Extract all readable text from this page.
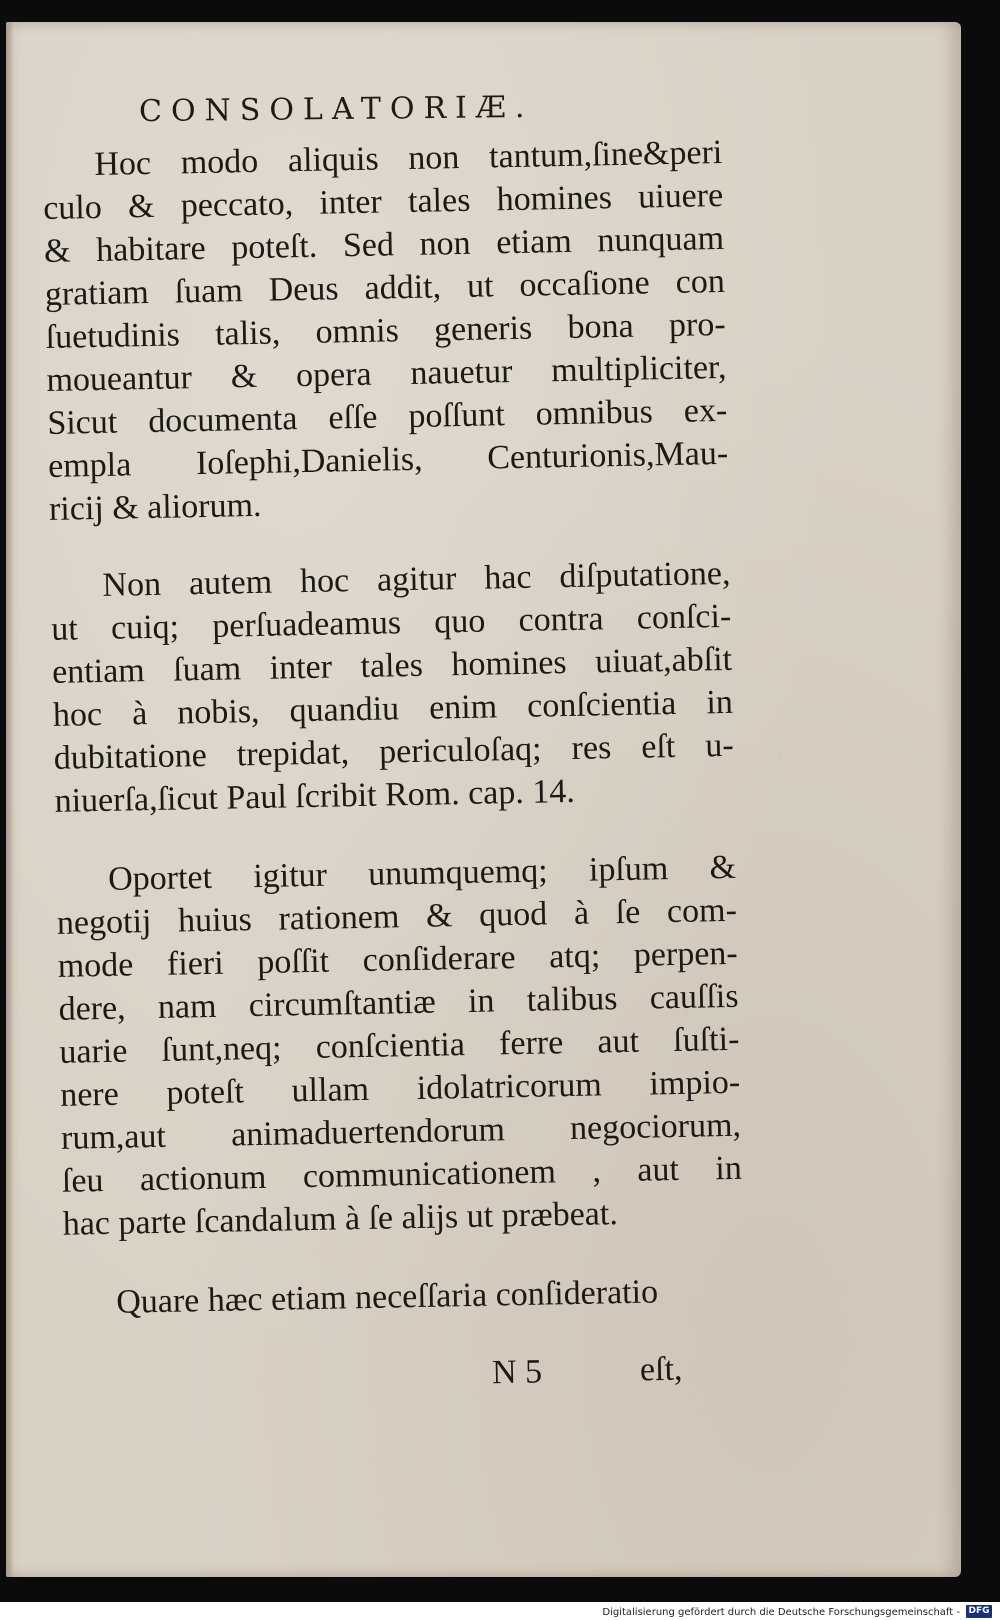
CONSOLATORIÆ.

Hoc modo aliquis non tantum,ſine&peri
culo & peccato, inter tales homines uiuere
& habitare poteſt. Sed non etiam nunquam
gratiam ſuam Deus addit, ut occaſione con
ſuetudinis talis, omnis generis bona pro-
moueantur & opera nauetur multipliciter,
Sicut documenta eſſe poſſunt omnibus ex-
empla Ioſephi,Danielis, Centurionis,Mau-
ricij & aliorum.

Non autem hoc agitur hac diſputatione,
ut cuiq; perſuadeamus quo contra conſci-
entiam ſuam inter tales homines uiuat,abſit
hoc à nobis, quandiu enim conſcientia in
dubitatione trepidat, periculoſaq; res eſt u-
niuerſa,ſicut Paul ſcribit Rom. cap. 14.

Oportet igitur unumquemq; ipſum &
negotij huius rationem & quod à ſe com-
mode fieri poſſit conſiderare atq; perpen-
dere, nam circumſtantiæ in talibus cauſſis
uarie ſunt,neq; conſcientia ferre aut ſuſti-
nere poteſt ullam idolatricorum impio-
rum,aut animaduertendorum negociorum,
ſeu actionum communicationem , aut in
hac parte ſcandalum à ſe alijs ut præbeat.

Quare hæc etiam neceſſaria conſideratio

N 5	eſt,
Digitalisierung gefördert durch die Deutsche Forschungsgemeinschaft - DFG
